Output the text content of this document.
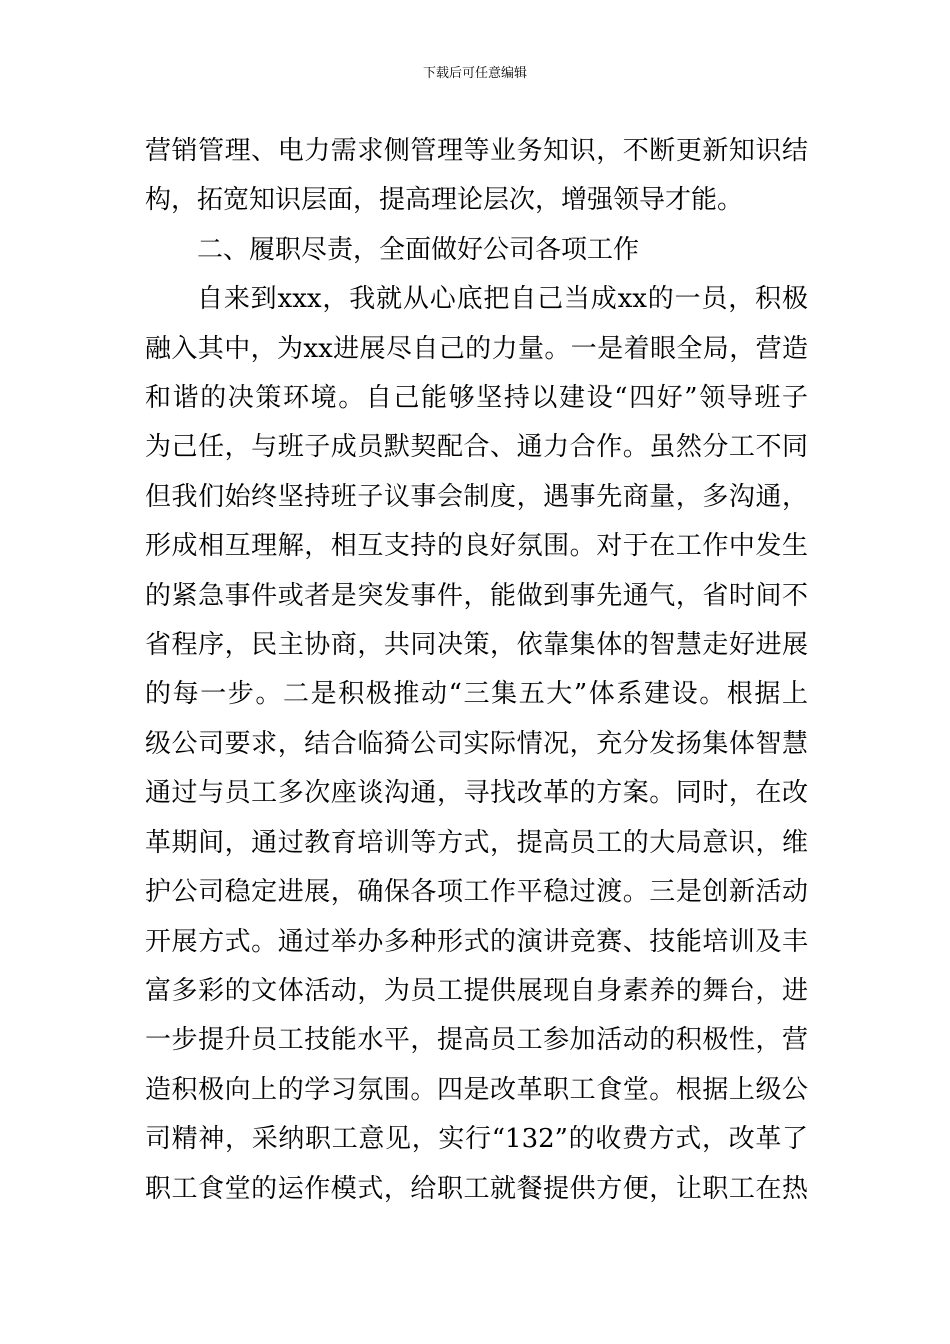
下载后可任意编辑
营销管理、电力需求侧管理等业务知识，不断更新知识结
构，拓宽知识层面，提高理论层次，增强领导才能。
二、履职尽责，全面做好公司各项工作
自来到xxx，我就从心底把自己当成xx的一员，积极
融入其中，为xx进展尽自己的力量。一是着眼全局，营造
和谐的决策环境。自己能够坚持以建设“四好”领导班子
为己任，与班子成员默契配合、通力合作。虽然分工不同
但我们始终坚持班子议事会制度，遇事先商量，多沟通，
形成相互理解，相互支持的良好氛围。对于在工作中发生
的紧急事件或者是突发事件，能做到事先通气，省时间不
省程序，民主协商，共同决策，依靠集体的智慧走好进展
的每一步。二是积极推动“三集五大”体系建设。根据上
级公司要求，结合临猗公司实际情况，充分发扬集体智慧
通过与员工多次座谈沟通，寻找改革的方案。同时，在改
革期间，通过教育培训等方式，提高员工的大局意识，维
护公司稳定进展，确保各项工作平稳过渡。三是创新活动
开展方式。通过举办多种形式的演讲竞赛、技能培训及丰
富多彩的文体活动，为员工提供展现自身素养的舞台，进
一步提升员工技能水平，提高员工参加活动的积极性，营
造积极向上的学习氛围。四是改革职工食堂。根据上级公
司精神，采纳职工意见，实行“132”的收费方式，改革了
职工食堂的运作模式，给职工就餐提供方便，让职工在热
